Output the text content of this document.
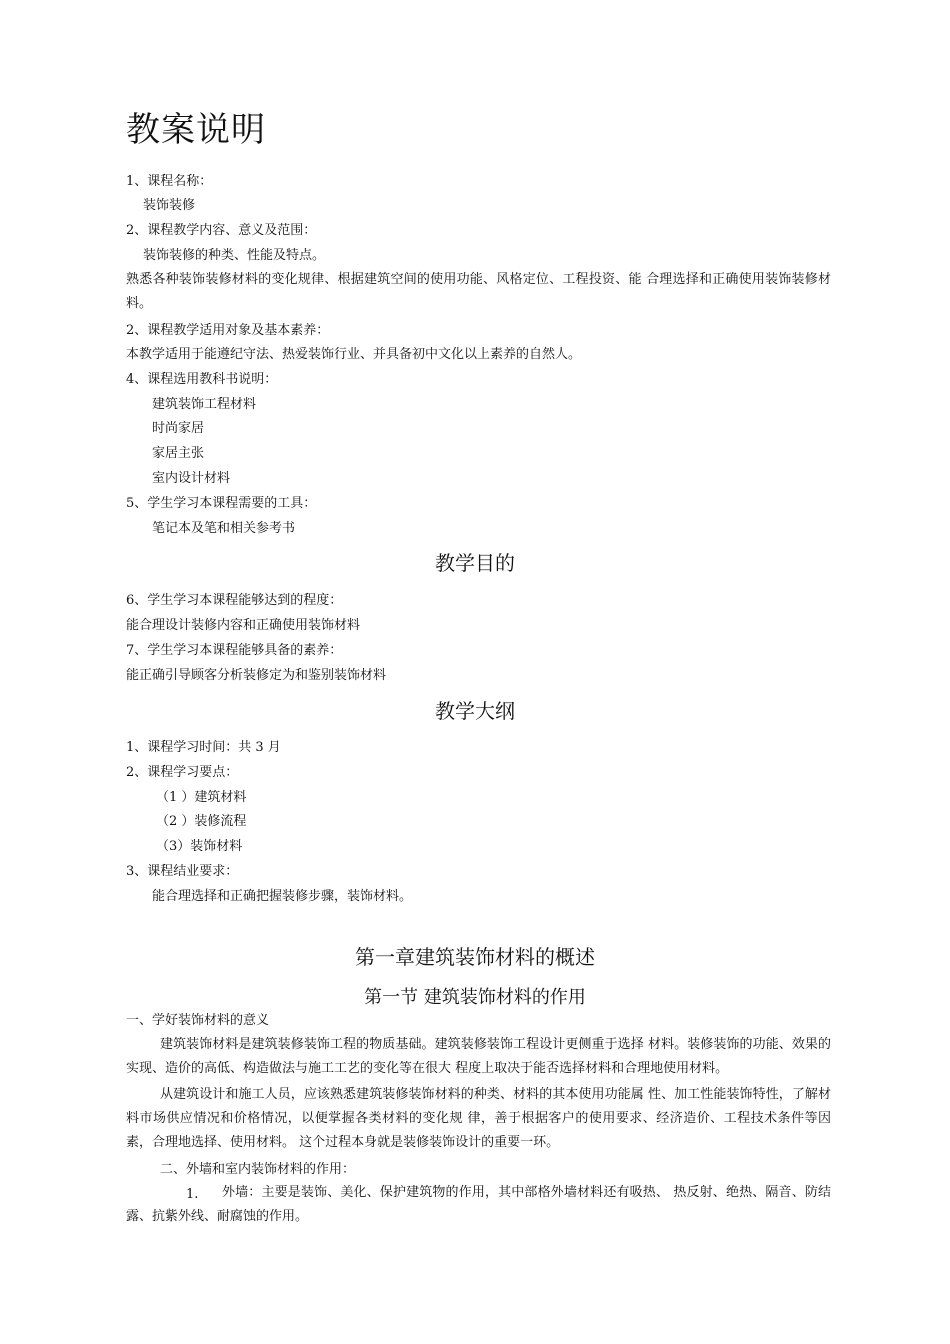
教案说明
1、课程名称：
装饰装修
2、课程教学内容、意义及范围：
装饰装修的种类、性能及特点。
熟悉各种装饰装修材料的变化规律、根据建筑空间的使用功能、风格定位、工程投资、能 合理选择和正确使用装饰装修材料。
2、课程教学适用对象及基本素养：
本教学适用于能遵纪守法、热爱装饰行业、并具备初中文化以上素养的自然人。
4、课程选用教科书说明：
建筑装饰工程材料
时尚家居
家居主张
室内设计材料
5、学生学习本课程需要的工具：
笔记本及笔和相关参考书
教学目的
6、学生学习本课程能够达到的程度：
能合理设计装修内容和正确使用装饰材料
7、学生学习本课程能够具备的素养：
能正确引导顾客分析装修定为和鉴别装饰材料
教学大纲
1、课程学习时间：共 3 月
2、课程学习要点：
（1 ）建筑材料
（2 ）装修流程
（3）装饰材料
3、课程结业要求：
能合理选择和正确把握装修步骤，装饰材料。
第一章建筑装饰材料的概述
第一节 建筑装饰材料的作用
一、学好装饰材料的意义
建筑装饰材料是建筑装修装饰工程的物质基础。建筑装修装饰工程设计更侧重于选择 材料。装修装饰的功能、效果的实现、造价的高低、构造做法与施工工艺的变化等在很大 程度上取决于能否选择材料和合理地使用材料。
从建筑设计和施工人员，应该熟悉建筑装修装饰材料的种类、材料的其本使用功能属 性、加工性能装饰特性，了解材料市场供应情况和价格情况，以便掌握各类材料的变化规 律，善于根据客户的使用要求、经济造价、工程技术条件等因素，合理地选择、使用材料。 这个过程本身就是装修装饰设计的重要一环。
二、外墙和室内装饰材料的作用：
1.	外墙：主要是装饰、美化、保护建筑物的作用，其中部格外墙材料还有吸热、 热反射、绝热、隔音、防结露、抗紫外线、耐腐蚀的作用。
